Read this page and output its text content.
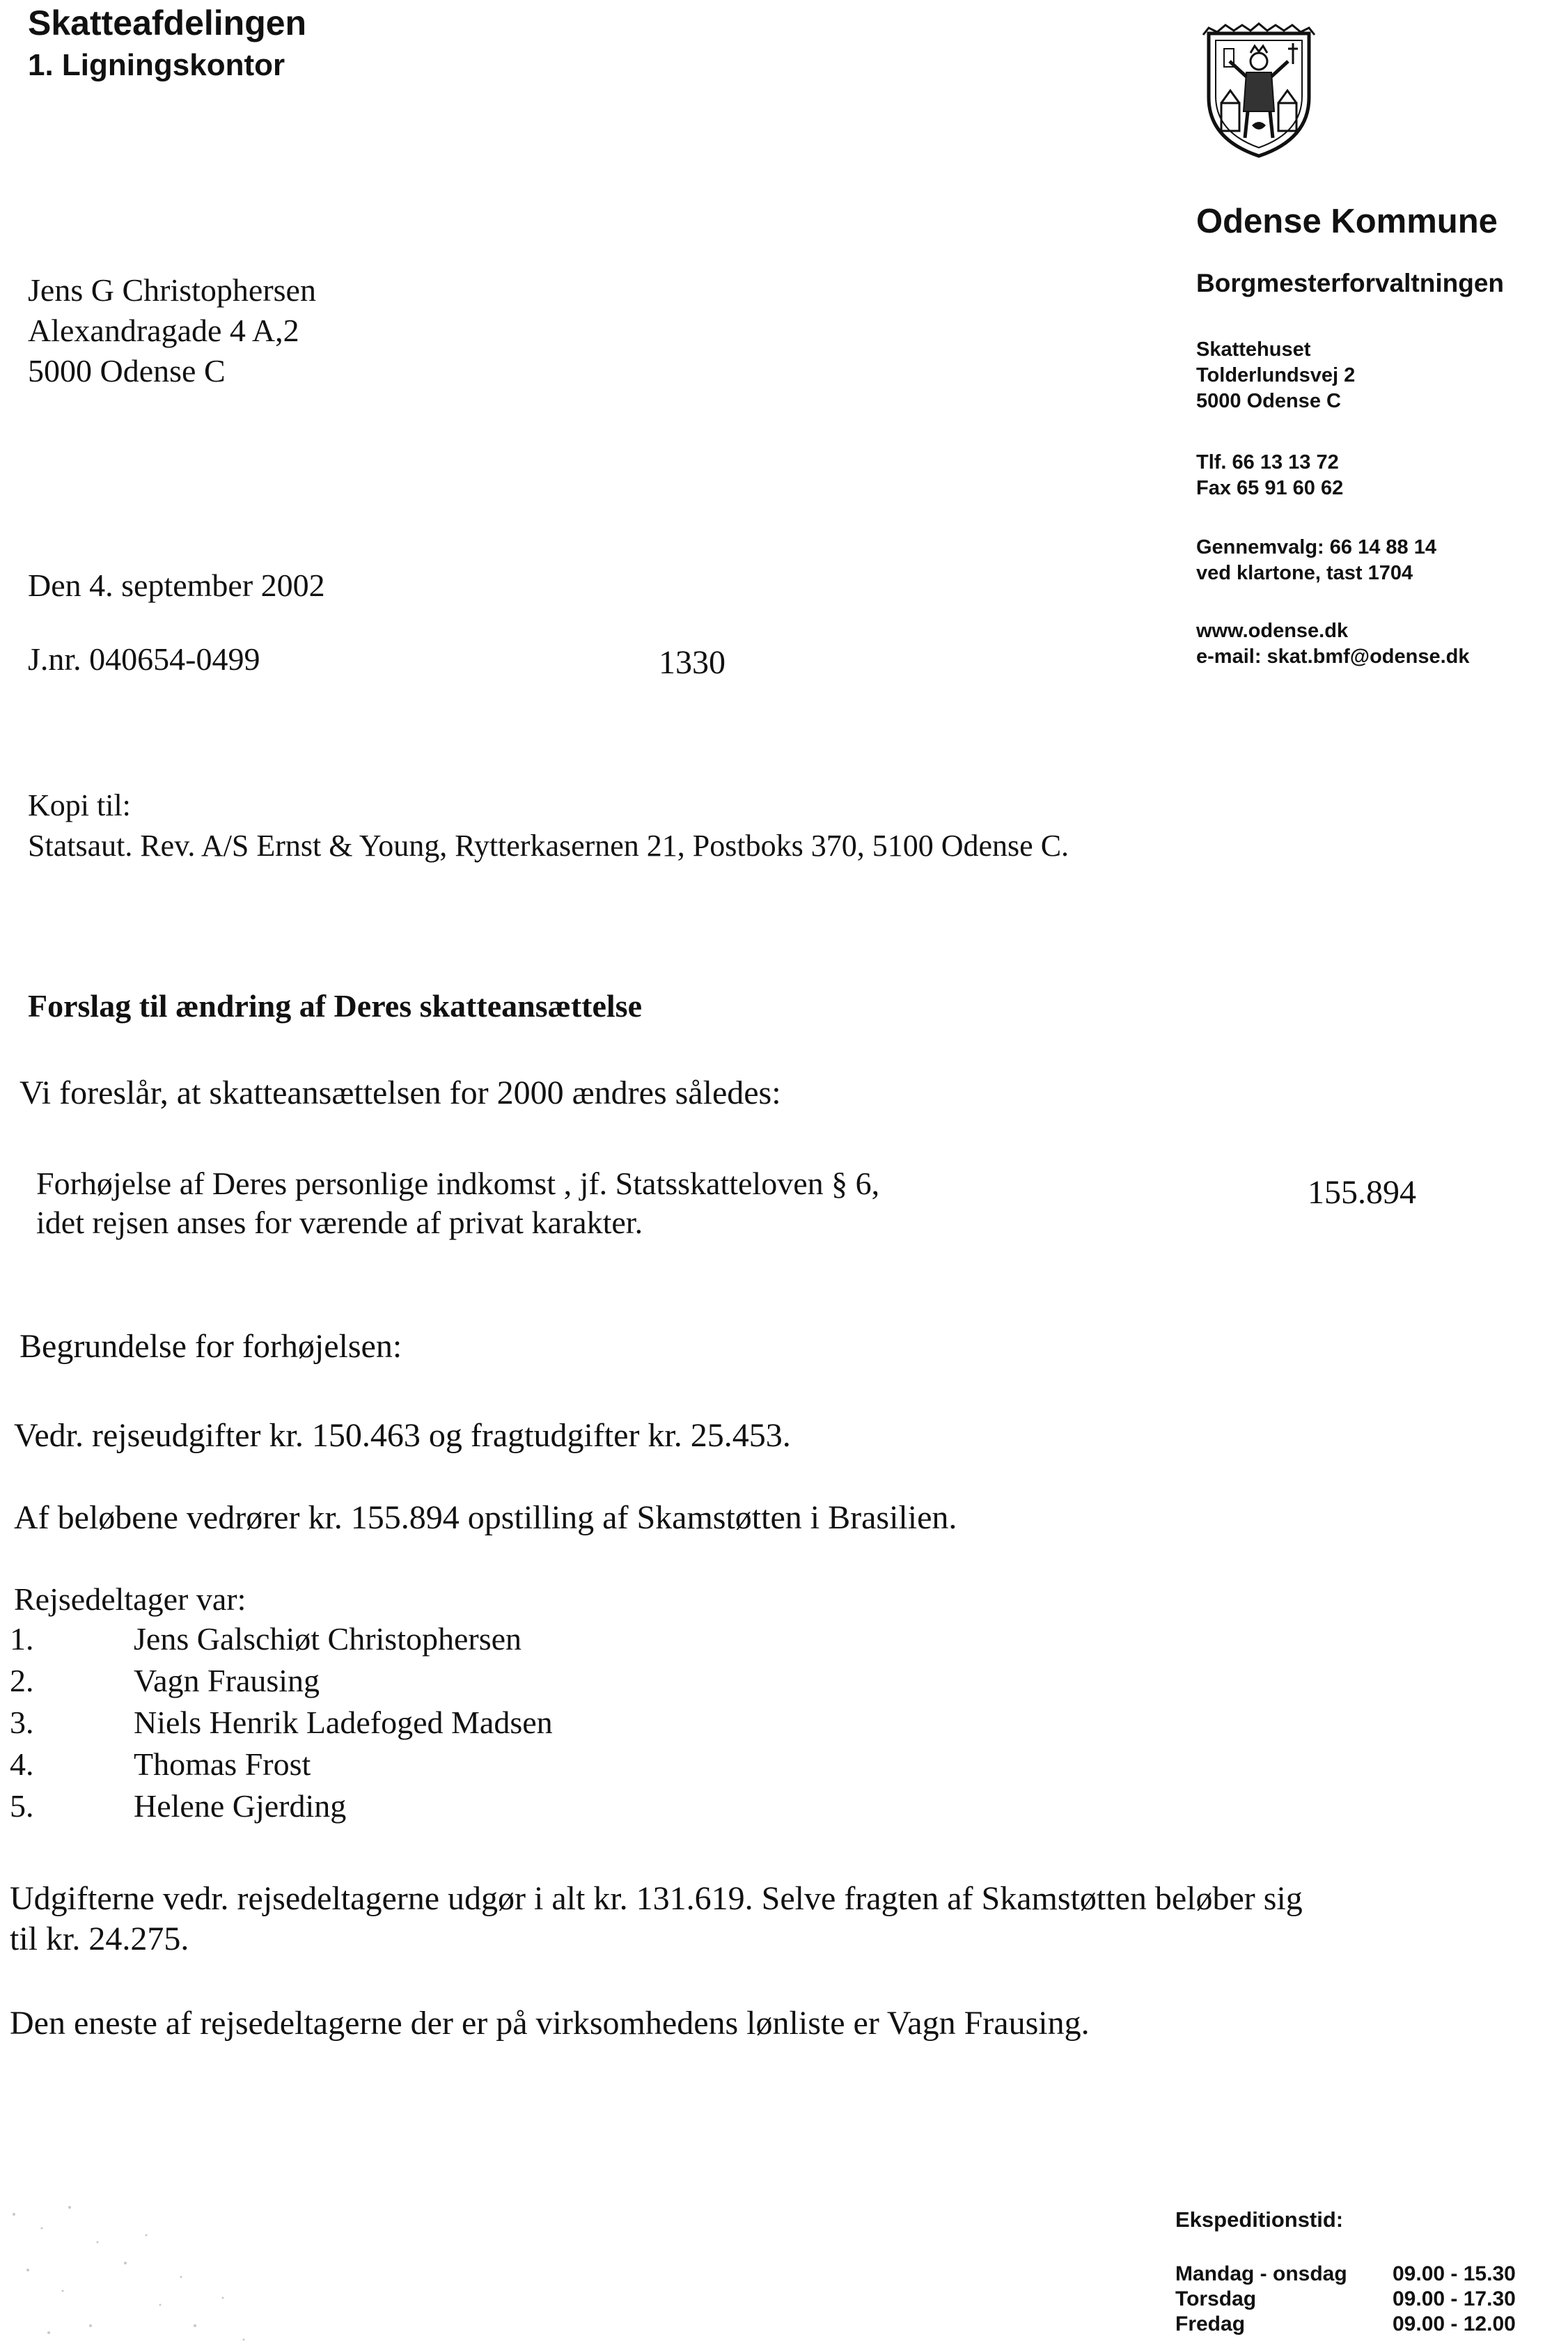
Skatteafdelingen
1. Ligningskontor
Jens G Christophersen
Alexandragade 4 A,2
5000 Odense C
Odense Kommune
Borgmesterforvaltningen
Skattehuset
Tolderlundsvej 2
5000 Odense C
Tlf. 66 13 13 72
Fax 65 91 60 62
Gennemvalg: 66 14 88 14
ved klartone, tast 1704
www.odense.dk
e-mail: skat.bmf@odense.dk
Den 4. september 2002
J.nr. 040654-0499	1330
Kopi til:
Statsaut. Rev. A/S Ernst & Young, Rytterkasernen 21, Postboks 370, 5100 Odense C.
Forslag til ændring af Deres skatteansættelse
Vi foreslår, at skatteansættelsen for 2000 ændres således:
Forhøjelse af Deres personlige indkomst , jf. Statsskatteloven § 6,
idet rejsen anses for værende af privat karakter.
155.894
Begrundelse for forhøjelsen:
Vedr. rejseudgifter kr. 150.463 og fragtudgifter kr. 25.453.
Af beløbene vedrører kr. 155.894 opstilling af Skamstøtten i Brasilien.
Rejsedeltager var:
1.	Jens Galschiøt Christophersen
2.	Vagn Frausing
3.	Niels Henrik Ladefoged Madsen
4.	Thomas Frost
5.	Helene Gjerding
Udgifterne vedr. rejsedeltagerne udgør i alt kr. 131.619. Selve fragten af Skamstøtten beløber sig
til kr. 24.275.
Den eneste af rejsedeltagerne der er på virksomhedens lønliste er Vagn Frausing.
Ekspeditionstid:
Mandag - onsdag	09.00 - 15.30
Torsdag	09.00 - 17.30
Fredag	09.00 - 12.00
